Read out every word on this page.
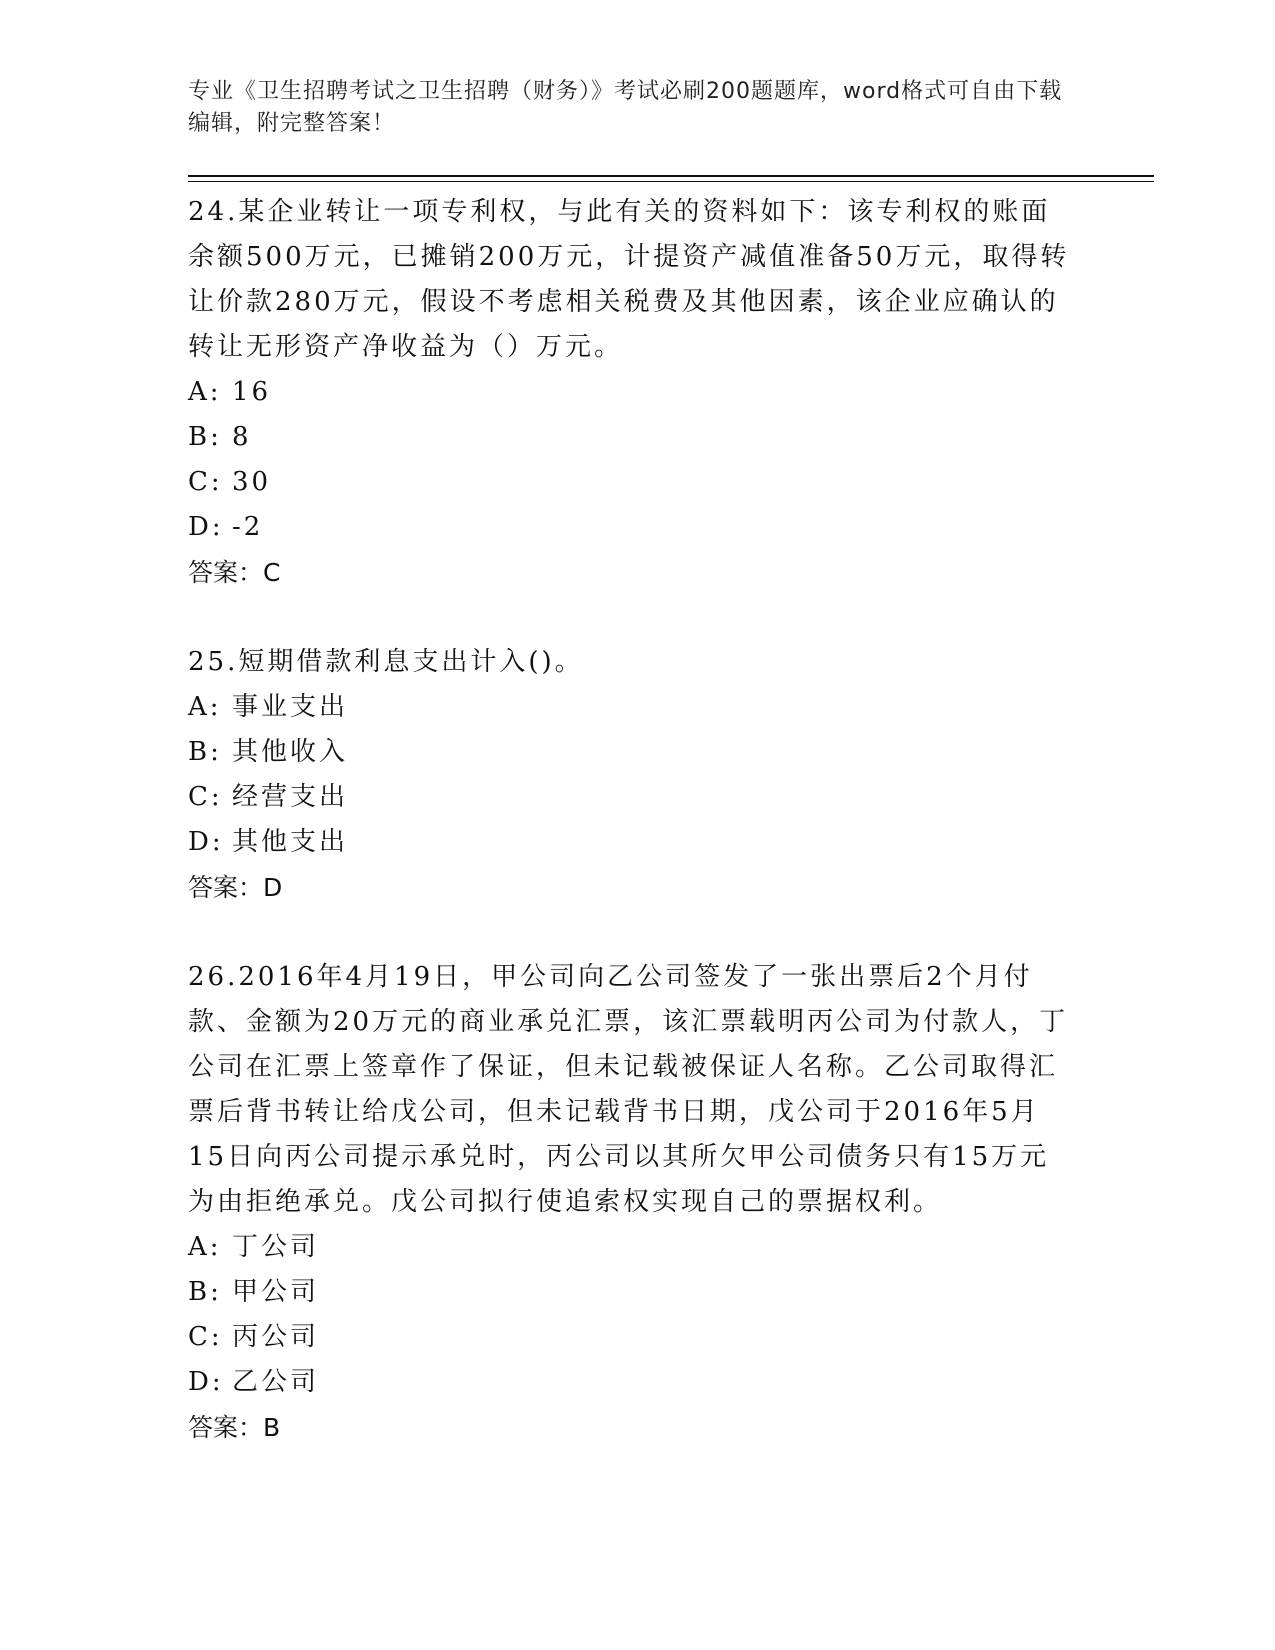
专业《卫生招聘考试之卫生招聘（财务）》考试必刷200题题库，word格式可自由下载编辑，附完整答案！

24.某企业转让一项专利权，与此有关的资料如下：该专利权的账面余额500万元，已摊销200万元，计提资产减值准备50万元，取得转让价款280万元，假设不考虑相关税费及其他因素，该企业应确认的转让无形资产净收益为（）万元。

A: 16

B: 8

C: 30

D: -2

答案：C

25.短期借款利息支出计入()。

A: 事业支出

B: 其他收入

C: 经营支出

D: 其他支出

答案：D

26.2016年4月19日，甲公司向乙公司签发了一张出票后2个月付款、金额为20万元的商业承兑汇票，该汇票载明丙公司为付款人，丁公司在汇票上签章作了保证，但未记载被保证人名称。乙公司取得汇票后背书转让给戊公司，但未记载背书日期，戊公司于2016年5月15日向丙公司提示承兑时，丙公司以其所欠甲公司债务只有15万元为由拒绝承兑。戊公司拟行使追索权实现自己的票据权利。

A: 丁公司

B: 甲公司

C: 丙公司

D: 乙公司

答案：B
